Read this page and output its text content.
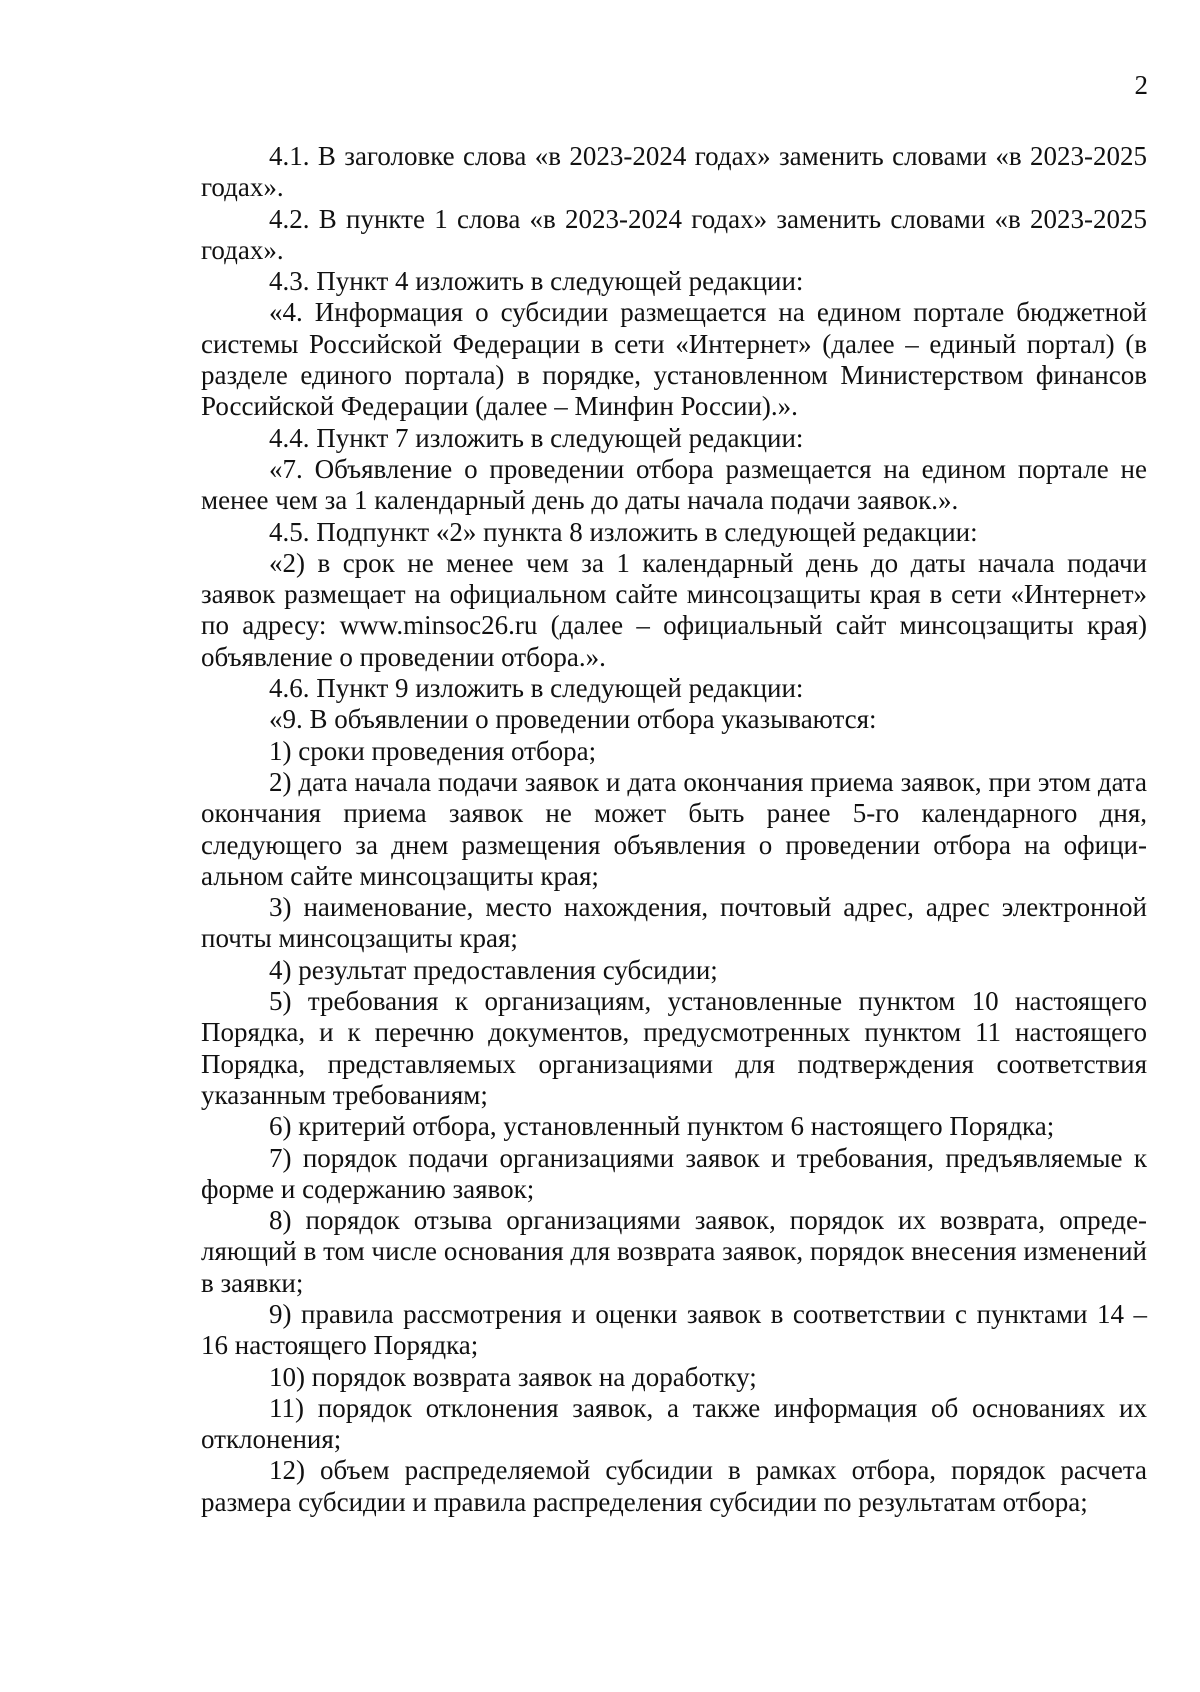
2

4.1. В заголовке слова «в 2023-2024 годах» заменить словами «в 2023-2025 годах».

4.2. В пункте 1 слова «в 2023-2024 годах» заменить словами «в 2023-2025 годах».

4.3. Пункт 4 изложить в следующей редакции:

«4. Информация о субсидии размещается на едином портале бюджетной системы Российской Федерации в сети «Интернет» (далее – единый портал) (в разделе единого портала) в порядке, установленном Министерством финансов Российской Федерации (далее – Минфин России).».

4.4. Пункт 7 изложить в следующей редакции:

«7. Объявление о проведении отбора размещается на едином портале не менее чем за 1 календарный день до даты начала подачи заявок.».

4.5. Подпункт «2» пункта 8 изложить в следующей редакции:

«2) в срок не менее чем за 1 календарный день до даты начала подачи заявок размещает на официальном сайте минсоцзащиты края в сети «Интернет» по адресу: www.minsoc26.ru (далее – официальный сайт минсоцзащиты края) объявление о проведении отбора.».

4.6. Пункт 9 изложить в следующей редакции:

«9. В объявлении о проведении отбора указываются:

1) сроки проведения отбора;

2) дата начала подачи заявок и дата окончания приема заявок, при этом дата окончания приема заявок не может быть ранее 5-го календарного дня, следующего за днем размещения объявления о проведении отбора на официальном сайте минсоцзащиты края;

3) наименование, место нахождения, почтовый адрес, адрес электронной почты минсоцзащиты края;

4) результат предоставления субсидии;

5) требования к организациям, установленные пунктом 10 настоящего Порядка, и к перечню документов, предусмотренных пунктом 11 настоящего Порядка, представляемых организациями для подтверждения соответствия указанным требованиям;

6) критерий отбора, установленный пунктом 6 настоящего Порядка;

7) порядок подачи организациями заявок и требования, предъявляемые к форме и содержанию заявок;

8) порядок отзыва организациями заявок, порядок их возврата, определяющий в том числе основания для возврата заявок, порядок внесения изменений в заявки;

9) правила рассмотрения и оценки заявок в соответствии с пунктами 14 – 16 настоящего Порядка;

10) порядок возврата заявок на доработку;

11) порядок отклонения заявок, а также информация об основаниях их отклонения;

12) объем распределяемой субсидии в рамках отбора, порядок расчета размера субсидии и правила распределения субсидии по результатам отбора;
